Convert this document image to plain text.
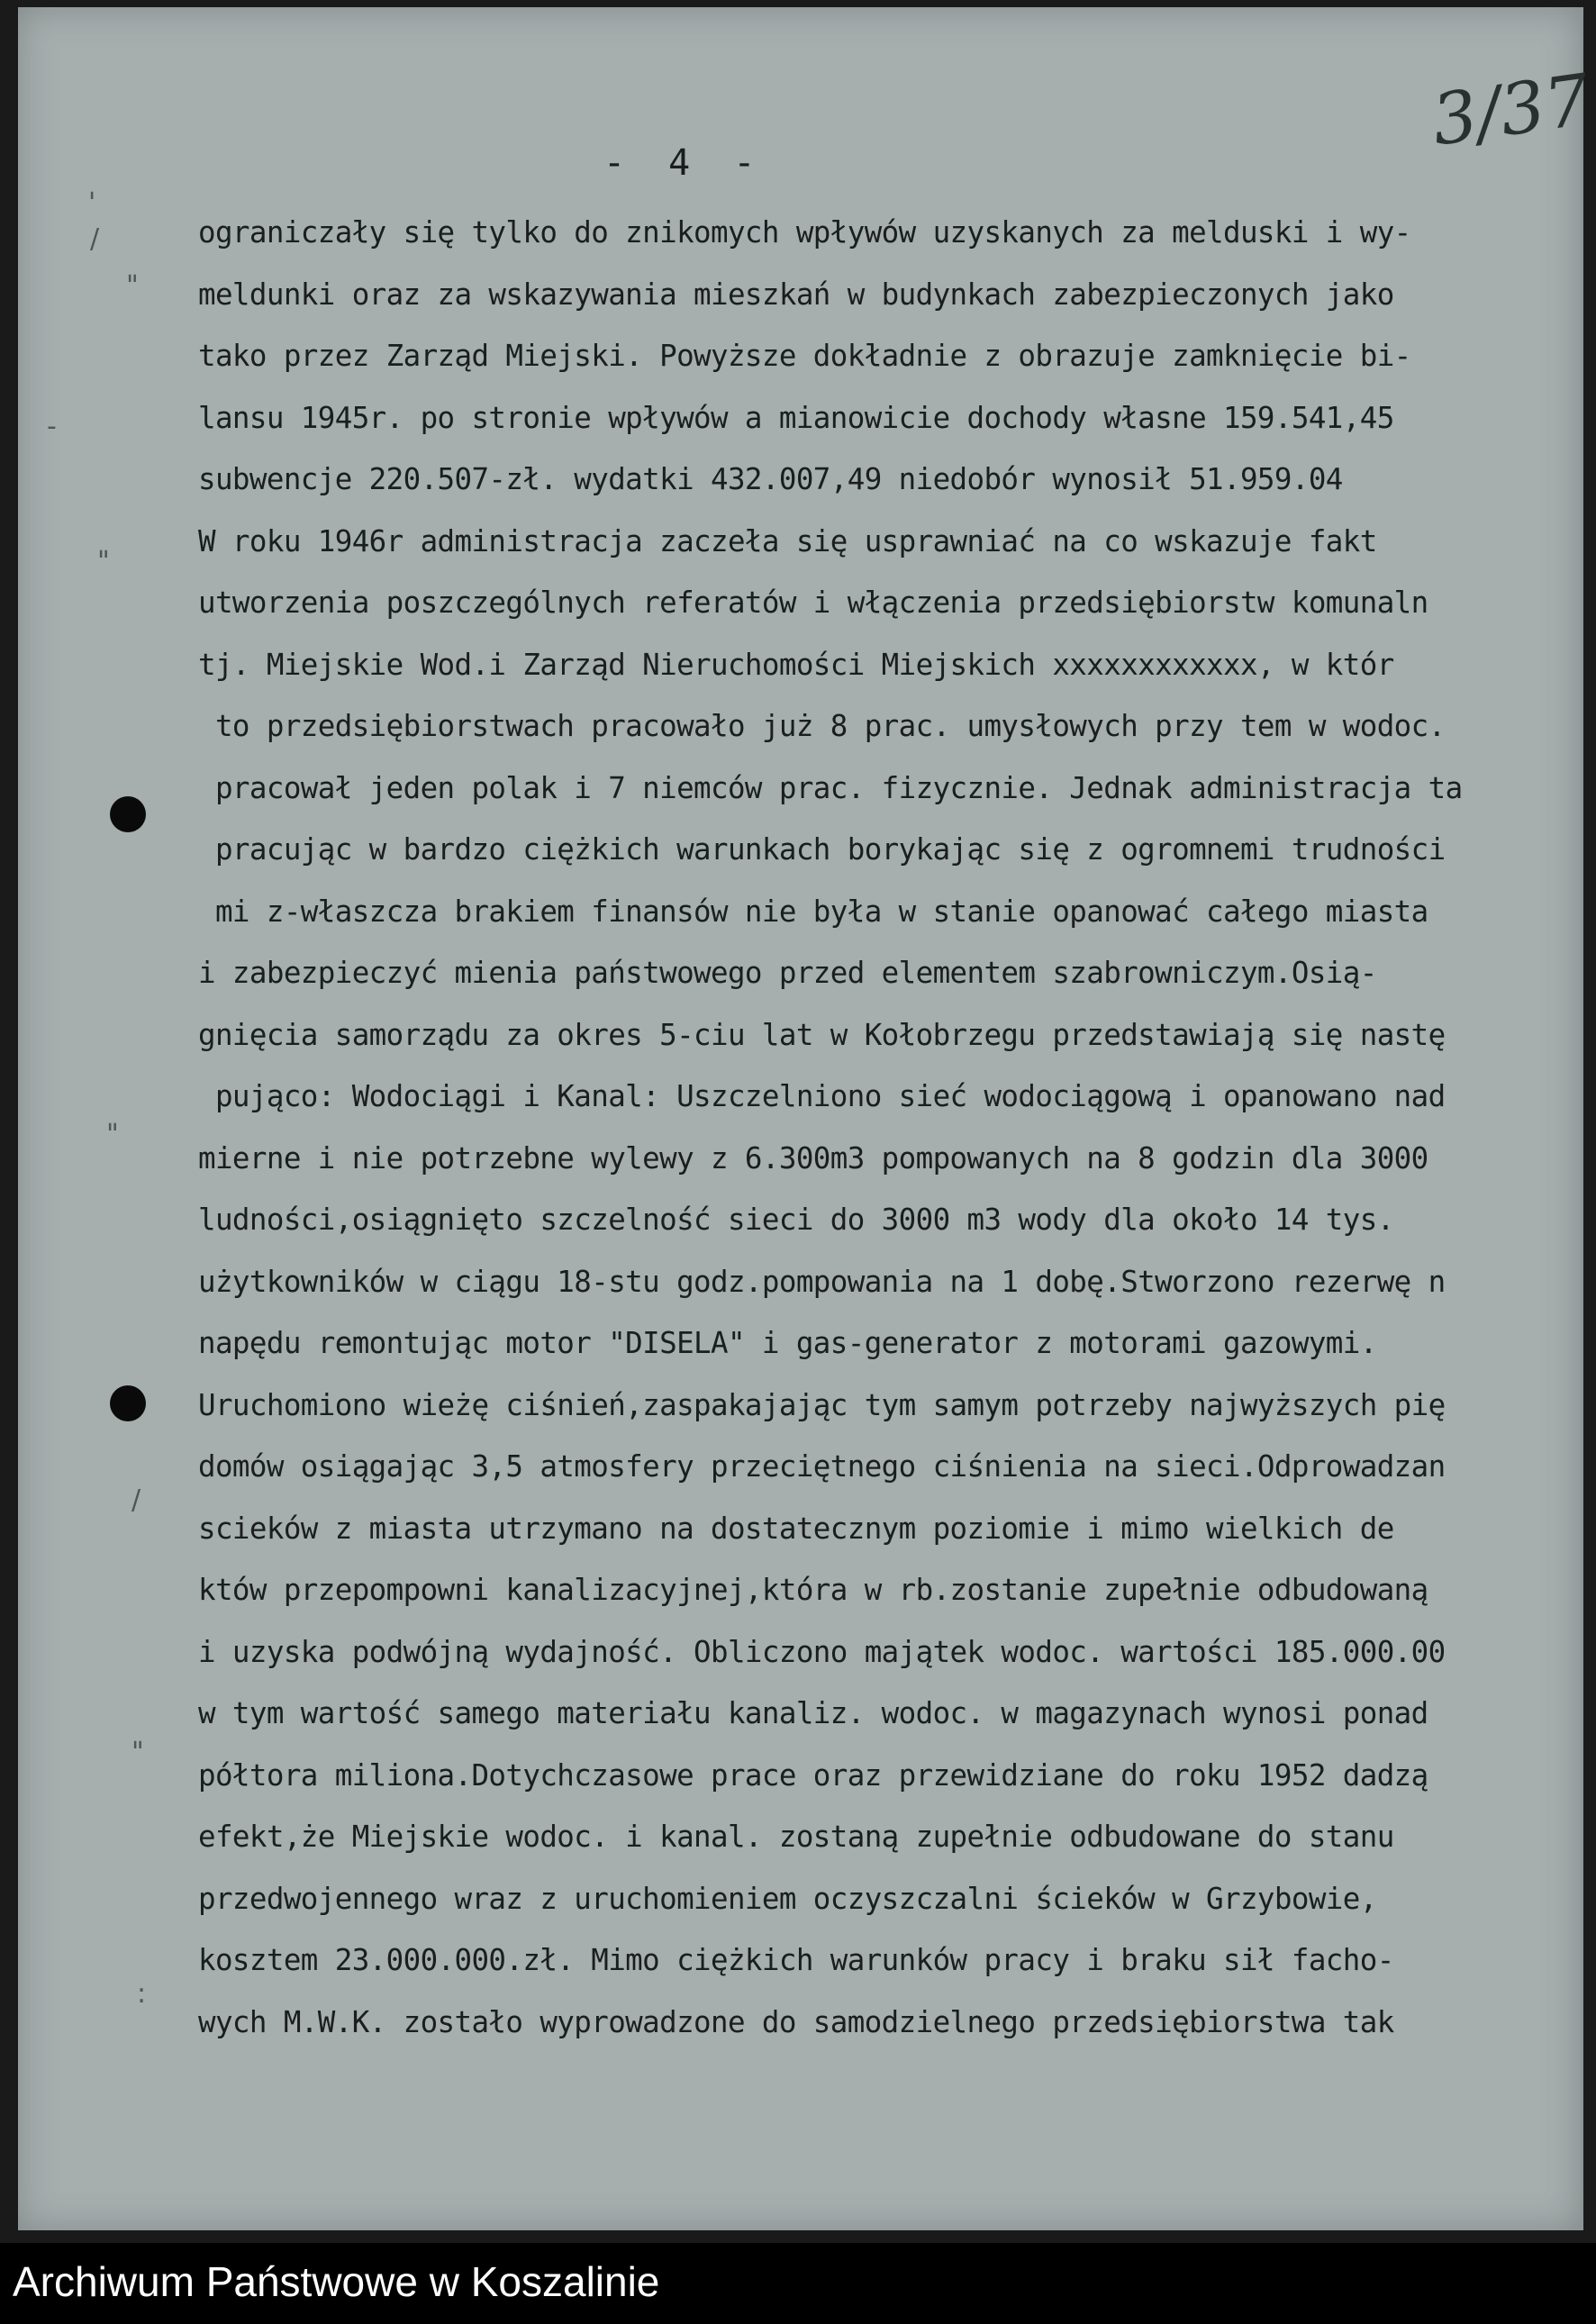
3/37
- 4 -
'
/
"
-
"
"
/
"
:
ograniczały się tylko do znikomych wpływów uzyskanych za melduski i wy-
meldunki oraz za wskazywania mieszkań w budynkach zabezpieczonych jako
tako przez Zarząd Miejski. Powyższe dokładnie z obrazuje zamknięcie bi-
lansu 1945r. po stronie wpływów a mianowicie dochody własne 159.541,45
subwencje 220.507-zł. wydatki 432.007,49 niedobór wynosił 51.959.04
W roku 1946r administracja zaczeła się usprawniać na co wskazuje fakt
utworzenia poszczególnych referatów i włączenia przedsiębiorstw komunaln
tj. Miejskie Wod.i Zarząd Nieruchomości Miejskich xxxxxxxxxxxx, w któr
to przedsiębiorstwach pracowało już 8 prac. umysłowych przy tem w wodoc.
pracował jeden polak i 7 niemców prac. fizycznie. Jednak administracja ta
pracując w bardzo ciężkich warunkach borykając się z ogromnemi trudności
mi z-właszcza brakiem finansów nie była w stanie opanować całego miasta
i zabezpieczyć mienia państwowego przed elementem szabrowniczym.Osią-
gnięcia samorządu za okres 5-ciu lat w Kołobrzegu przedstawiają się nastę
pująco: Wodociągi i Kanal: Uszczelniono sieć wodociągową i opanowano nad
mierne i nie potrzebne wylewy z 6.300m3 pompowanych na 8 godzin dla 3000
ludności,osiągnięto szczelność sieci do 3000 m3 wody dla około 14 tys.
użytkowników w ciągu 18-stu godz.pompowania na 1 dobę.Stworzono rezerwę n
napędu remontując motor "DISELA" i gas-generator z motorami gazowymi.
Uruchomiono wieżę ciśnień,zaspakajając tym samym potrzeby najwyższych pię
domów osiągając 3,5 atmosfery przeciętnego ciśnienia na sieci.Odprowadzan
scieków z miasta utrzymano na dostatecznym poziomie i mimo wielkich de
któw przepompowni kanalizacyjnej,która w rb.zostanie zupełnie odbudowaną
i uzyska podwójną wydajność. Obliczono majątek wodoc. wartości 185.000.00
w tym wartość samego materiału kanaliz. wodoc. w magazynach wynosi ponad
półtora miliona.Dotychczasowe prace oraz przewidziane do roku 1952 dadzą
efekt,że Miejskie wodoc. i kanal. zostaną zupełnie odbudowane do stanu
przedwojennego wraz z uruchomieniem oczyszczalni ścieków w Grzybowie,
kosztem 23.000.000.zł. Mimo ciężkich warunków pracy i braku sił facho-
wych M.W.K. zostało wyprowadzone do samodzielnego przedsiębiorstwa tak
Archiwum Państwowe w Koszalinie
